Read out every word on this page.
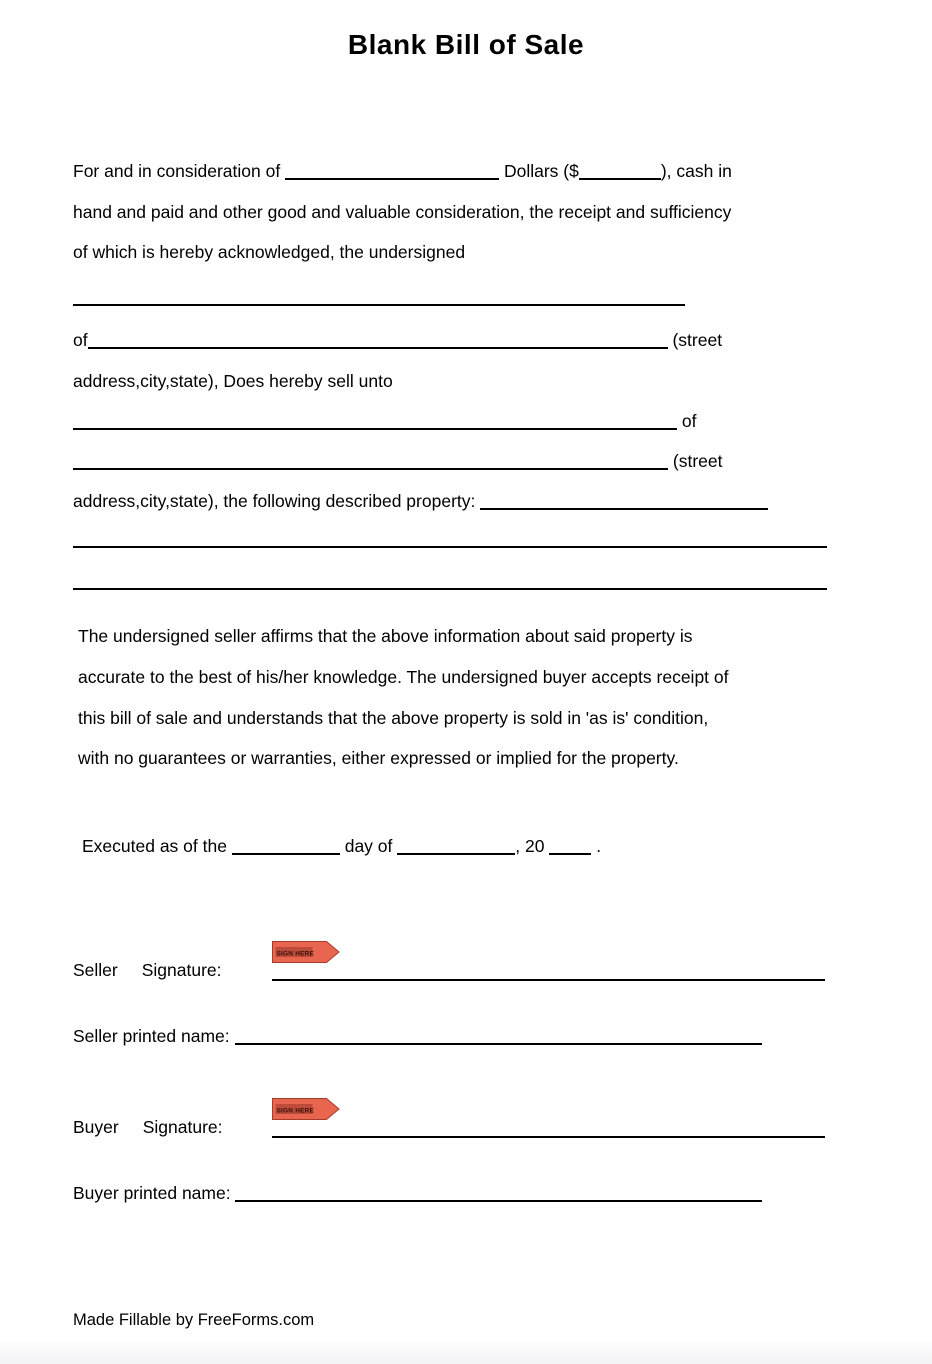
Blank Bill of Sale
For and in consideration of	Dollars ($	), cash in
hand and paid and other good and valuable consideration, the receipt and sufficiency
of which is hereby acknowledged, the undersigned
of	(street
address,city,state), Does hereby sell unto
of
(street
address,city,state), the following described property:
The undersigned seller affirms that the above information about said property is
accurate to the best of his/her knowledge. The undersigned buyer accepts receipt of
this bill of sale and understands that the above property is sold in 'as is' condition,
with no guarantees or warranties, either expressed or implied for the property.
Executed as of the	day of	, 20	.
SIGN HERE
Seller Signature:
Seller printed name:
SIGN HERE
Buyer Signature:
Buyer printed name:
Made Fillable by FreeForms.com
